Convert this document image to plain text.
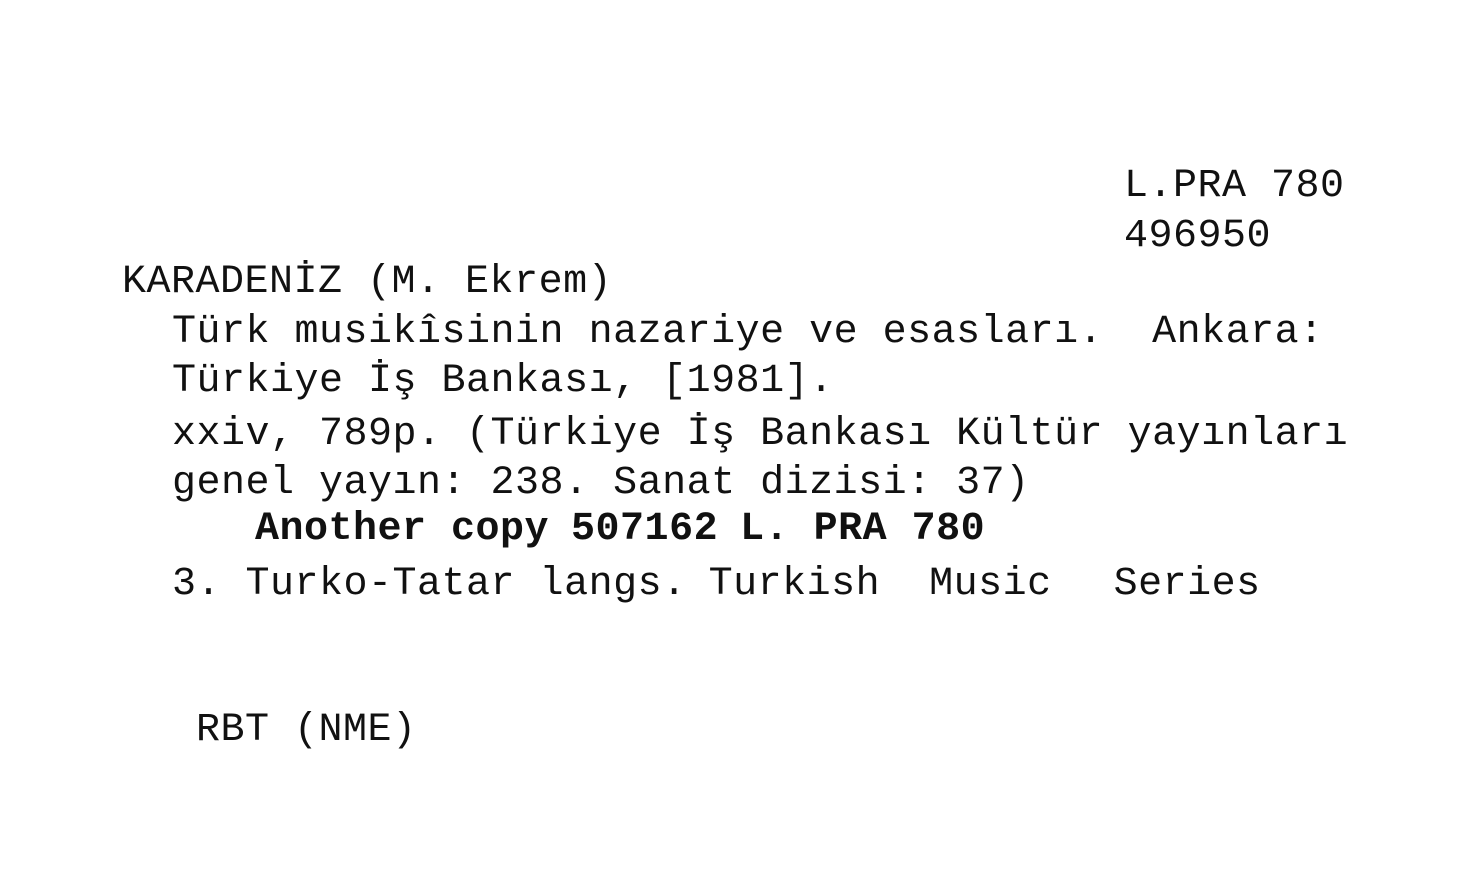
L.PRA 780
496950
KARADENİZ (M. Ekrem)
Türk musikîsinin nazariye ve esasları.  Ankara:
Türkiye İş Bankası, [1981].
xxiv, 789p. (Türkiye İş Bankası Kültür yayınları
genel yayın: 238. Sanat dizisi: 37)
Another copy 507162 L. PRA 780
3. Turko-Tatar langs. Turkish  Music Series
RBT (NME)
